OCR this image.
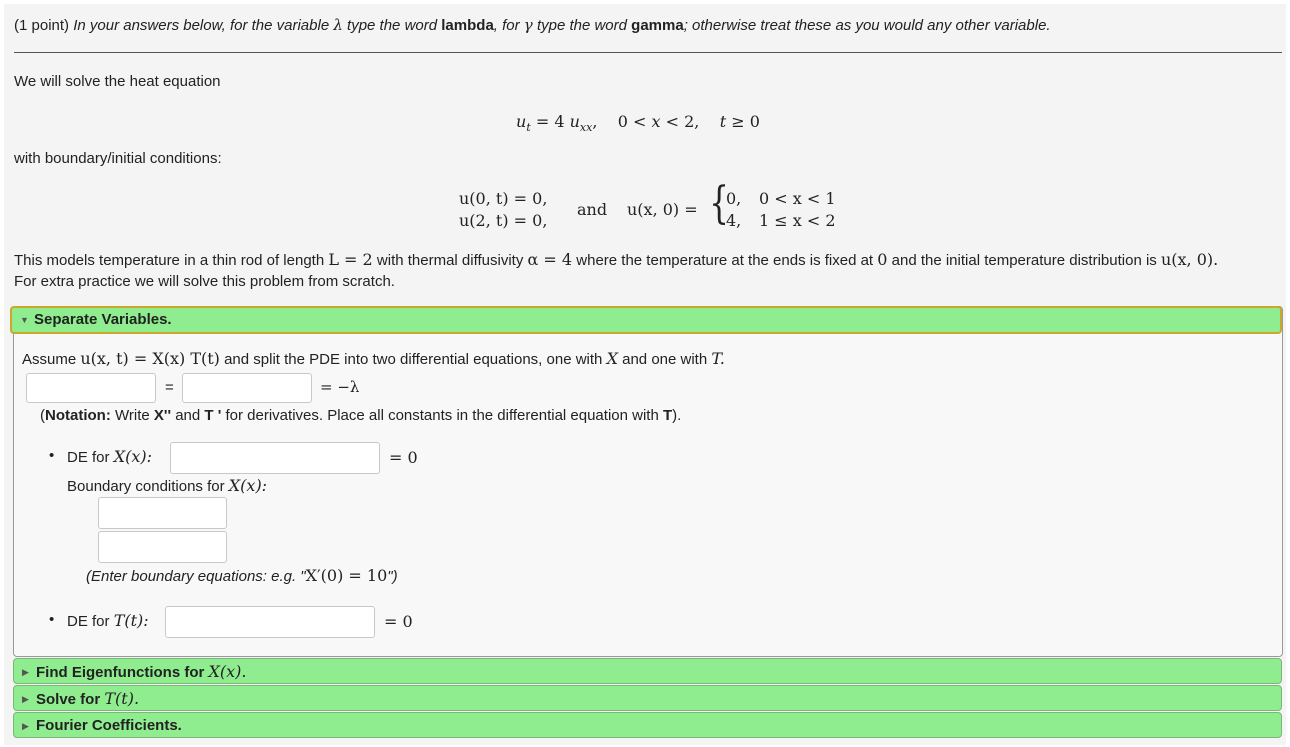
(1 point) In your answers below, for the variable λ type the word lambda, for γ type the word gamma; otherwise treat these as you would any other variable.
We will solve the heat equation
$u_t = 4$ $u_{xx}$,    0 < x < 2,    t ≥ 0
with boundary/initial conditions:
u(0, t) = 0,
u(2, t) = 0,
and u(x, 0) = {
0, 0 < x < 1
4, 1 ≤ x < 2
This models temperature in a thin rod of length L = 2 with thermal diffusivity α = 4 where the temperature at the ends is fixed at 0 and the initial temperature distribution is u(x, 0).
For extra practice we will solve this problem from scratch.
▼ Separate Variables.
Assume u(x, t) = X(x) T(t) and split the PDE into two differential equations, one with X and one with T.
=	= −λ
(Notation: Write X'' and T ' for derivatives. Place all constants in the differential equation with T).
• DE for X(x):	= 0
Boundary conditions for X(x):
(Enter boundary equations: e.g. "X′(0) = 10")
• DE for T(t):	= 0
▶ Find Eigenfunctions for X(x).
▶ Solve for T(t).
▶ Fourier Coefficients.
